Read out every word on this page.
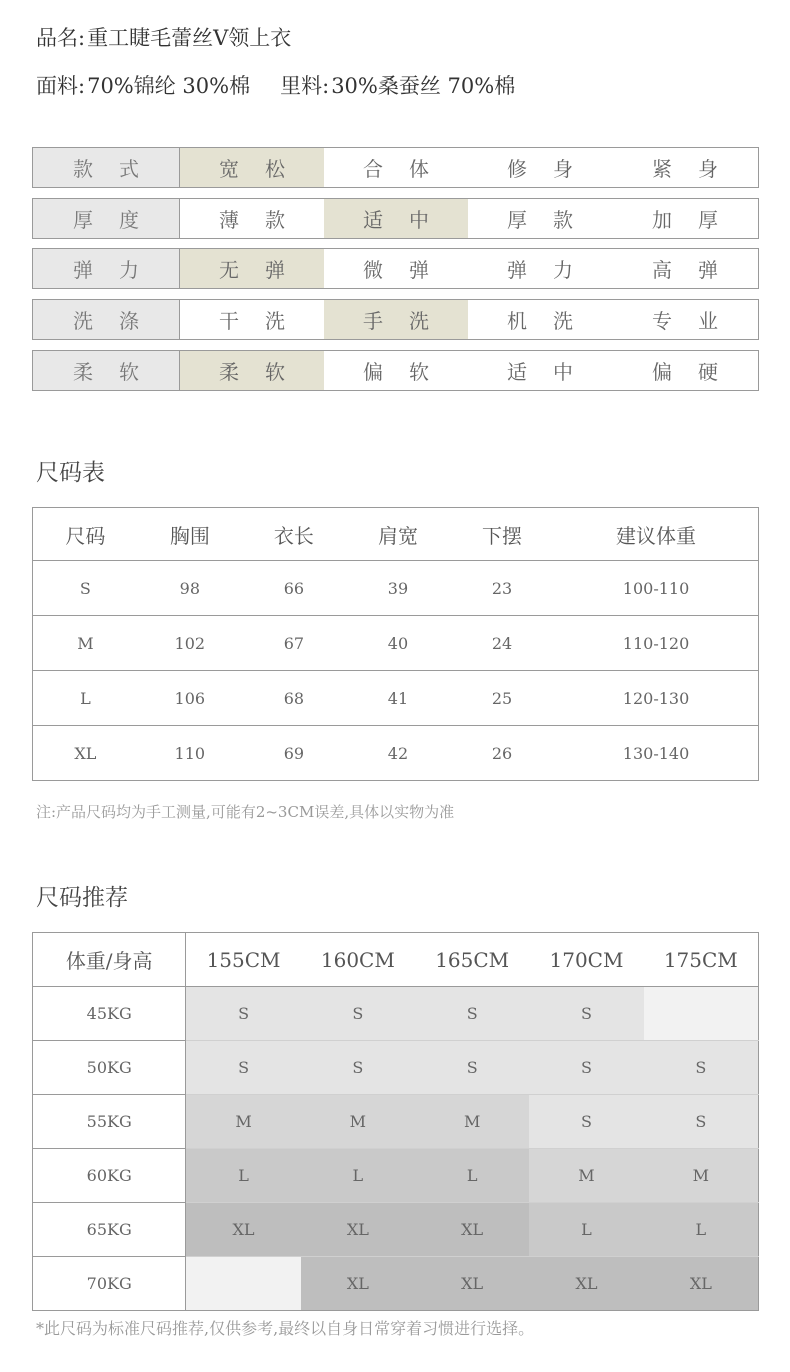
品名:重工睫毛蕾丝V领上衣
面料:70%锦纶 30%棉 里料:30%桑蚕丝 70%棉
款式	宽松	合体	修身	紧身
厚度	薄款	适中	厚款	加厚
弹力	无弹	微弹	弹力	高弹
洗涤	干洗	手洗	机洗	专业
柔软	柔软	偏软	适中	偏硬
尺码表
尺码	胸围	衣长	肩宽	下摆	建议体重
S	98	66	39	23	100-110
M	102	67	40	24	110-120
L	106	68	41	25	120-130
XL	110	69	42	26	130-140
注:产品尺码均为手工测量,可能有2~3CM误差,具体以实物为准
尺码推荐
体重/身高	155CM	160CM	165CM	170CM	175CM
45KG	S	S	S	S	
50KG	S	S	S	S	S
55KG	M	M	M	S	S
60KG	L	L	L	M	M
65KG	XL	XL	XL	L	L
70KG		XL	XL	XL	XL
*此尺码为标准尺码推荐,仅供参考,最终以自身日常穿着习惯进行选择。
